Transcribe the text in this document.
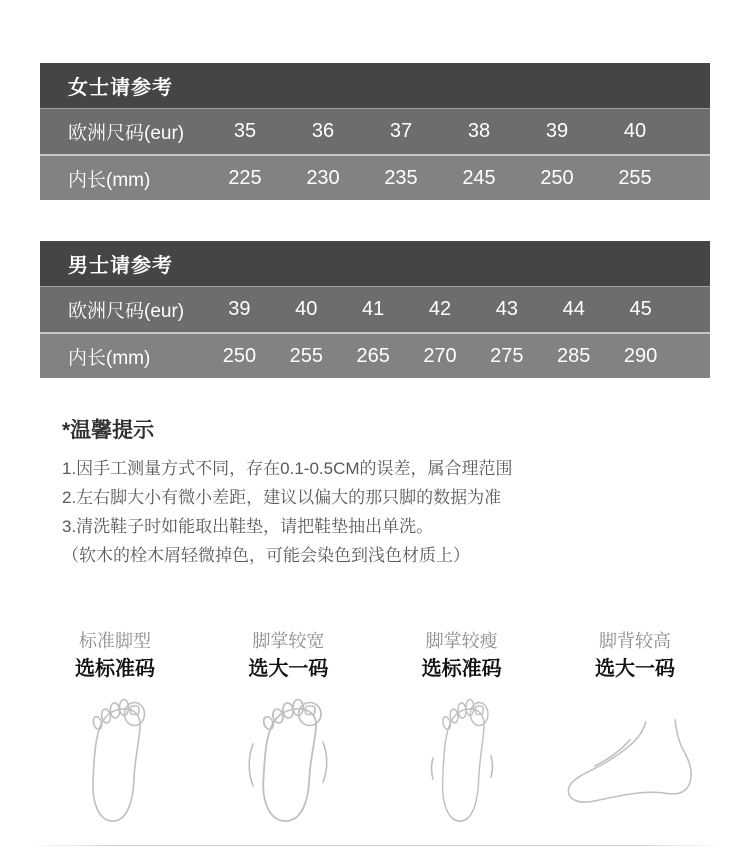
女士请参考
欧洲尺码(eur)	35	36	37	38	39	40
内长(mm)	225	230	235	245	250	255
男士请参考
欧洲尺码(eur)	39	40	41	42	43	44	45
内长(mm)	250	255	265	270	275	285	290
*温馨提示
1.因手工测量方式不同，存在0.1-0.5CM的误差，属合理范围
2.左右脚大小有微小差距，建议以偏大的那只脚的数据为准
3.清洗鞋子时如能取出鞋垫，请把鞋垫抽出单洗。
（软木的栓木屑轻微掉色，可能会染色到浅色材质上）
标准脚型
选标准码
脚掌较宽
选大一码
脚掌较瘦
选标准码
脚背较高
选大一码
